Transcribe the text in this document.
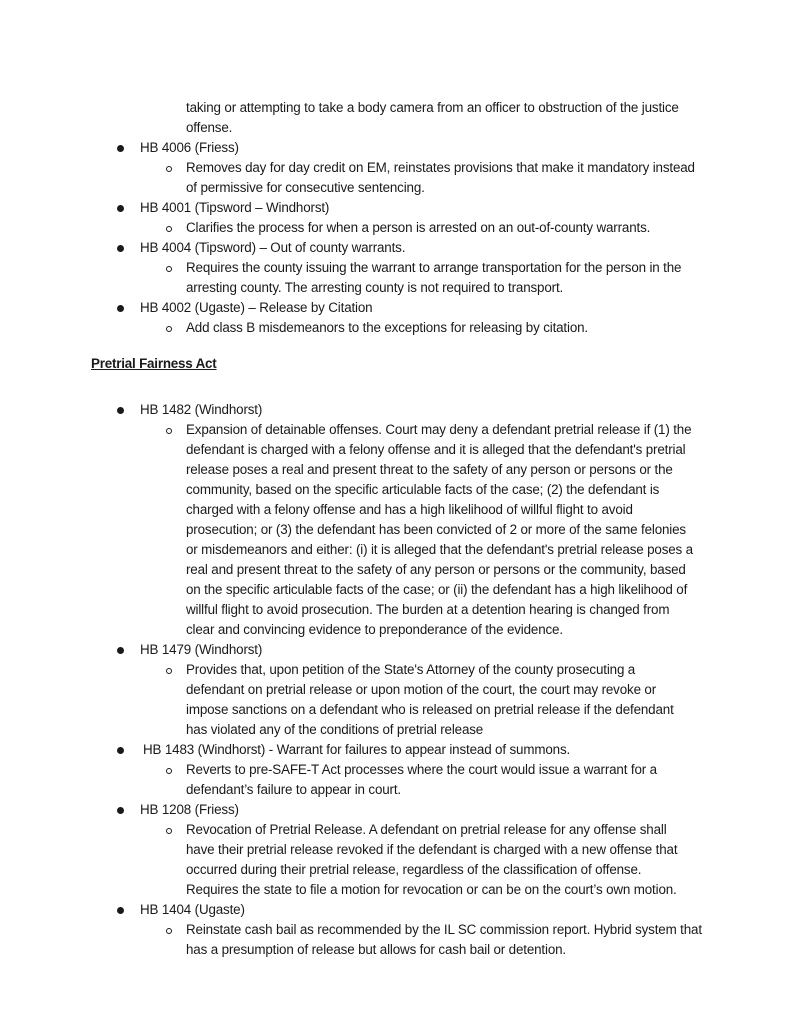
taking or attempting to take a body camera from an officer to obstruction of the justice
offense.
HB 4006 (Friess)
Removes day for day credit on EM, reinstates provisions that make it mandatory instead
of permissive for consecutive sentencing.
HB 4001 (Tipsword – Windhorst)
Clarifies the process for when a person is arrested on an out-of-county warrants.
HB 4004 (Tipsword) – Out of county warrants.
Requires the county issuing the warrant to arrange transportation for the person in the
arresting county. The arresting county is not required to transport.
HB 4002 (Ugaste) – Release by Citation
Add class B misdemeanors to the exceptions for releasing by citation.
Pretrial Fairness Act
HB 1482 (Windhorst)
Expansion of detainable offenses. Court may deny a defendant pretrial release if (1) the
defendant is charged with a felony offense and it is alleged that the defendant's pretrial
release poses a real and present threat to the safety of any person or persons or the
community, based on the specific articulable facts of the case; (2) the defendant is
charged with a felony offense and has a high likelihood of willful flight to avoid
prosecution; or (3) the defendant has been convicted of 2 or more of the same felonies
or misdemeanors and either: (i) it is alleged that the defendant's pretrial release poses a
real and present threat to the safety of any person or persons or the community, based
on the specific articulable facts of the case; or (ii) the defendant has a high likelihood of
willful flight to avoid prosecution. The burden at a detention hearing is changed from
clear and convincing evidence to preponderance of the evidence.
HB 1479 (Windhorst)
Provides that, upon petition of the State's Attorney of the county prosecuting a
defendant on pretrial release or upon motion of the court, the court may revoke or
impose sanctions on a defendant who is released on pretrial release if the defendant
has violated any of the conditions of pretrial release
HB 1483 (Windhorst) - Warrant for failures to appear instead of summons.
Reverts to pre-SAFE-T Act processes where the court would issue a warrant for a
defendant’s failure to appear in court.
HB 1208 (Friess)
Revocation of Pretrial Release. A defendant on pretrial release for any offense shall
have their pretrial release revoked if the defendant is charged with a new offense that
occurred during their pretrial release, regardless of the classification of offense.
Requires the state to file a motion for revocation or can be on the court’s own motion.
HB 1404 (Ugaste)
Reinstate cash bail as recommended by the IL SC commission report. Hybrid system that
has a presumption of release but allows for cash bail or detention.
